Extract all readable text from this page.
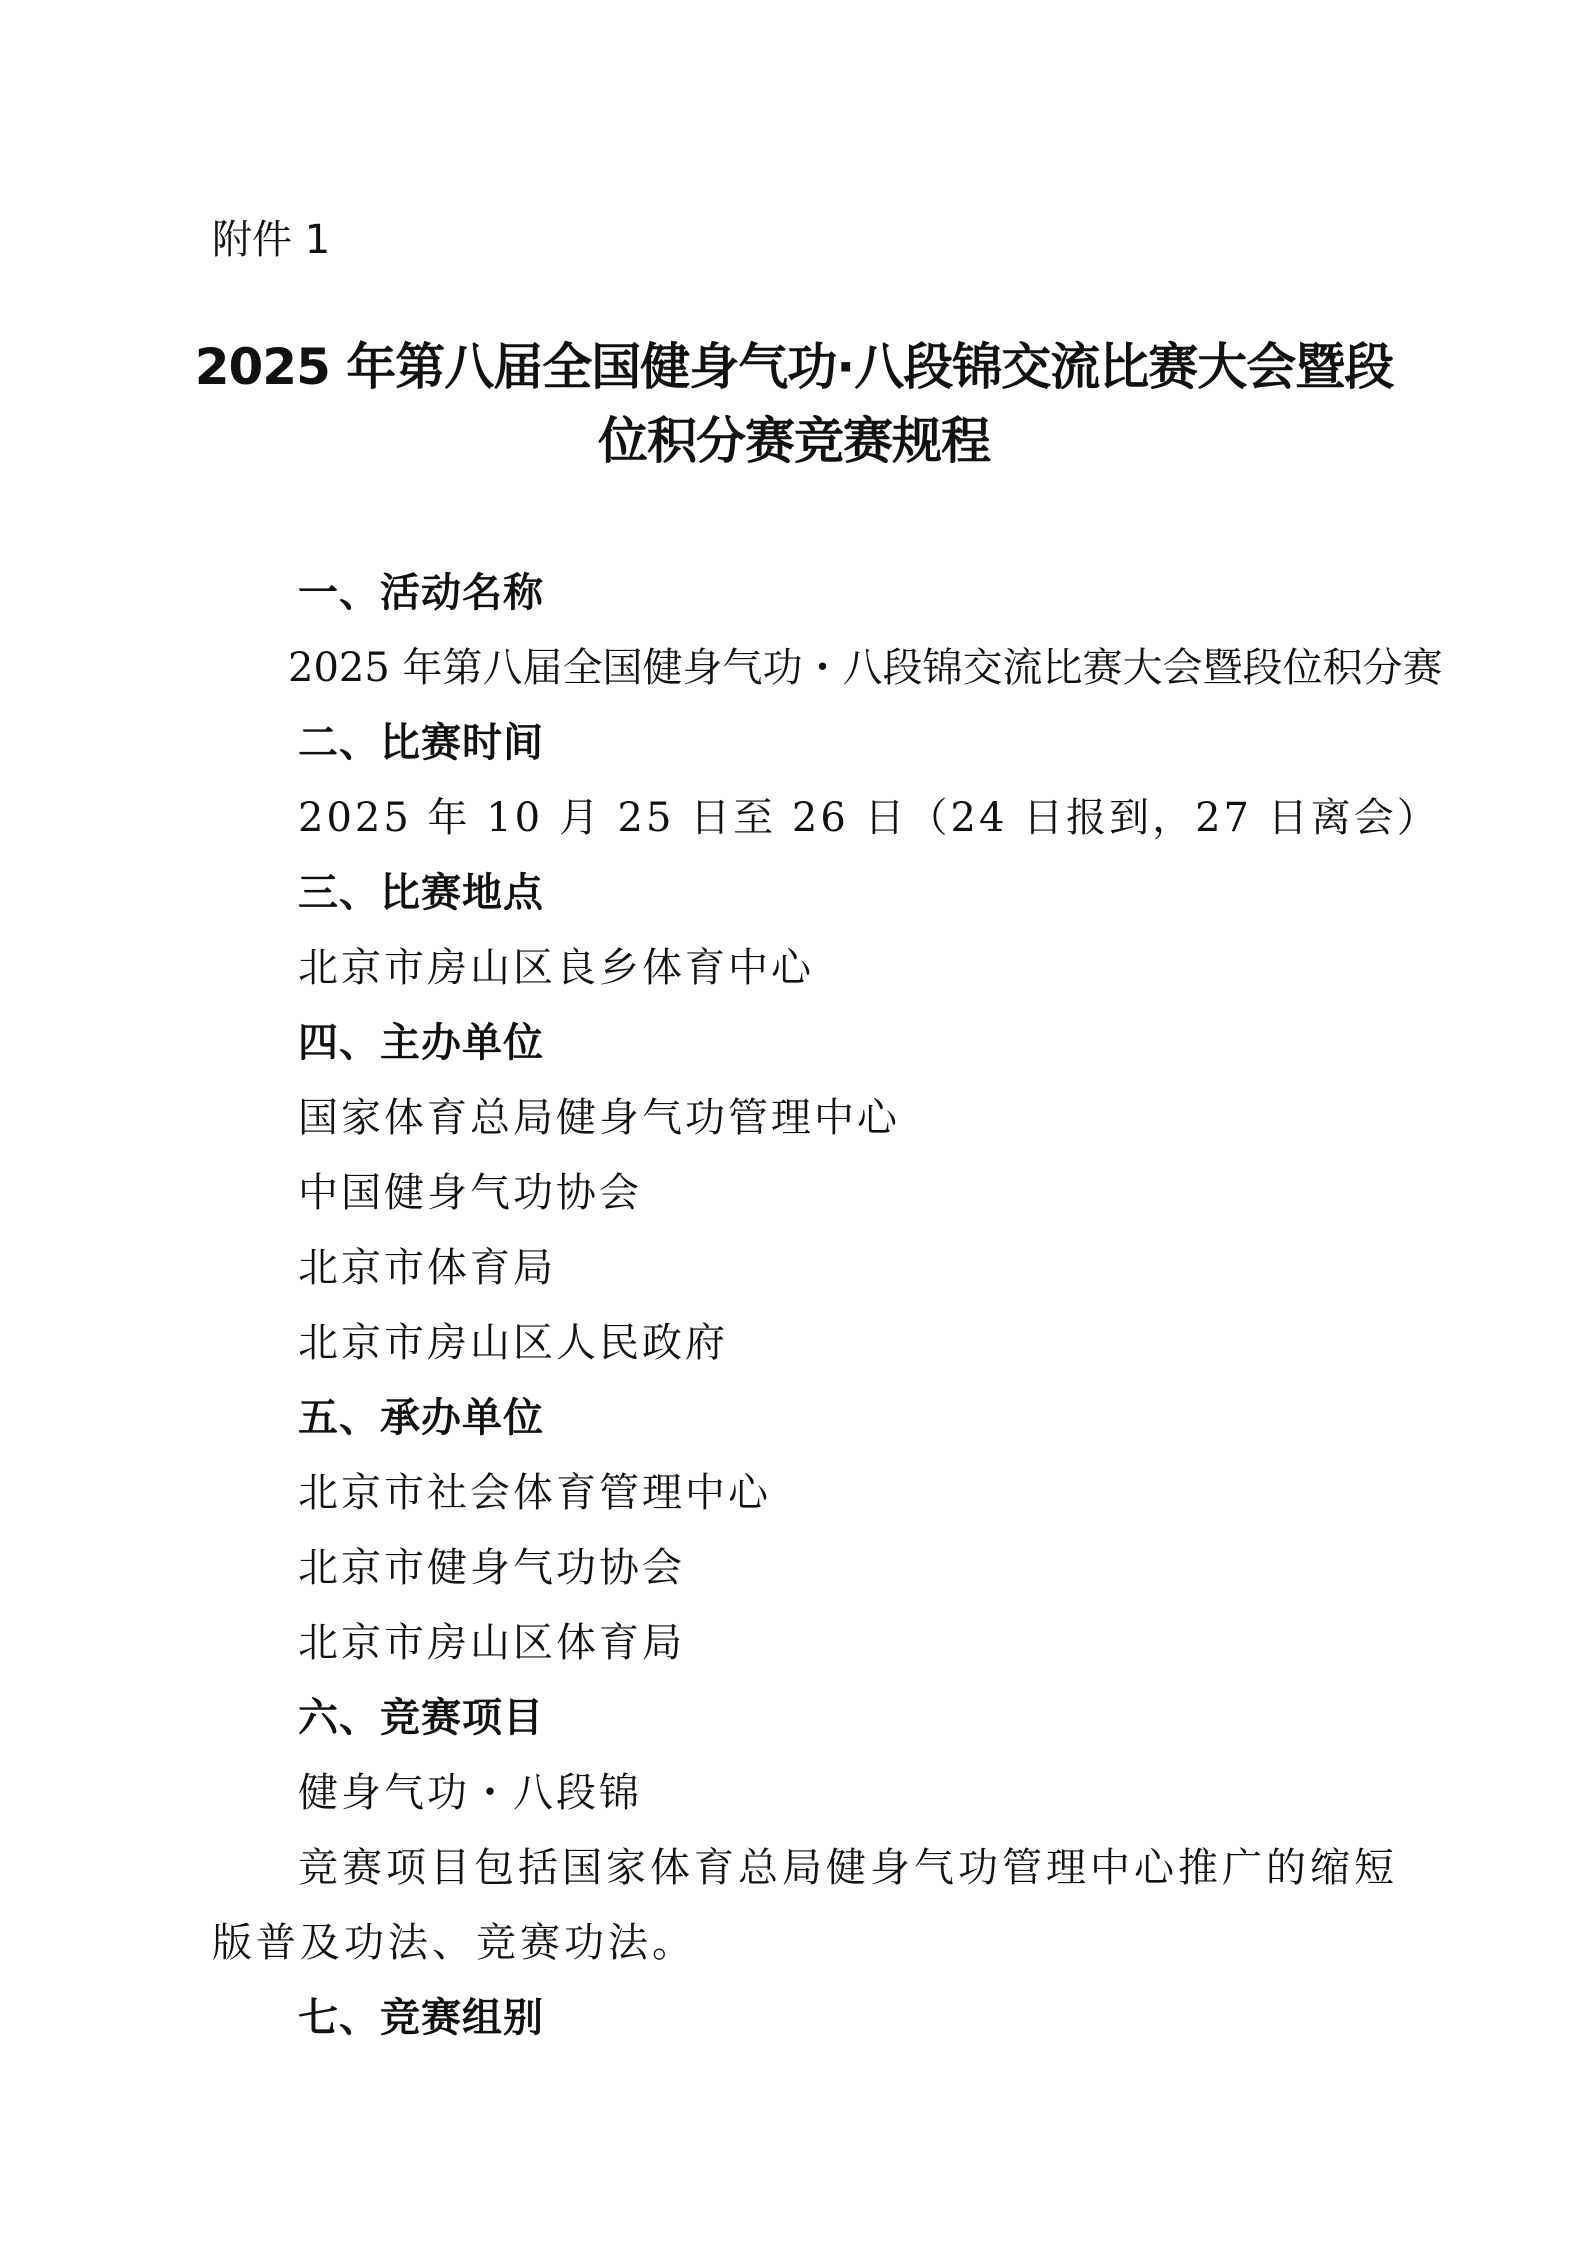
附件 1
2025 年第八届全国健身气功·八段锦交流比赛大会暨段
位积分赛竞赛规程
一、活动名称
2025 年第八届全国健身气功・八段锦交流比赛大会暨段位积分赛
二、比赛时间
2025 年 10 月 25 日至 26 日（24 日报到，27 日离会）
三、比赛地点
北京市房山区良乡体育中心
四、主办单位
国家体育总局健身气功管理中心
中国健身气功协会
北京市体育局
北京市房山区人民政府
五、承办单位
北京市社会体育管理中心
北京市健身气功协会
北京市房山区体育局
六、竞赛项目
健身气功・八段锦
竞赛项目包括国家体育总局健身气功管理中心推广的缩短版普及功法、竞赛功法。
七、竞赛组别
